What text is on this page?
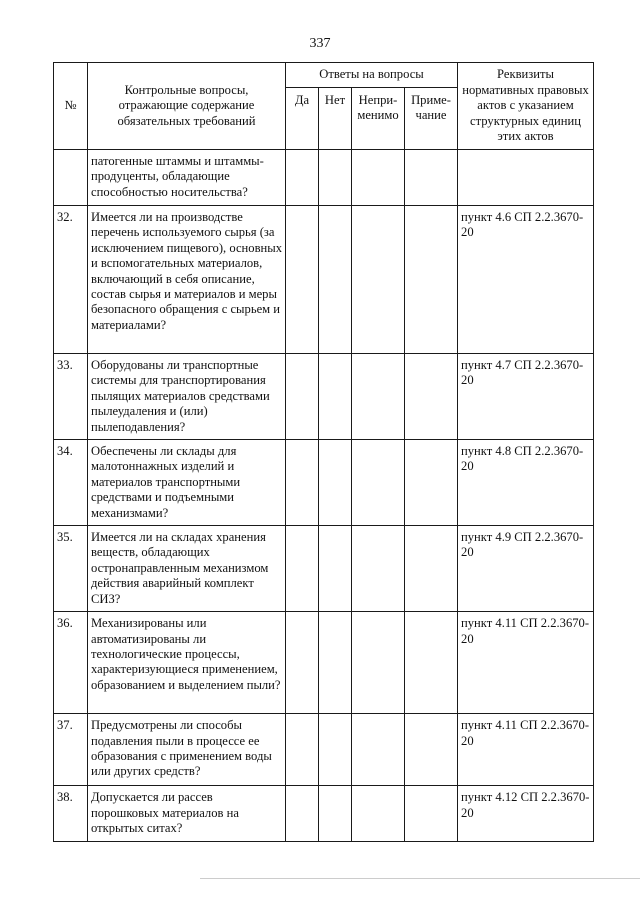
337
№	Контрольные вопросы, отражающие содержание обязательных требований	Ответы на вопросы				Реквизиты нормативных правовых актов с указанием структурных единиц этих актов
		Да	Нет	Непри-менимо	Приме-чание	
	патогенные штаммы и штаммы-продуценты, обладающие способностью носительства?					
32.	Имеется ли на производстве перечень используемого сырья (за исключением пищевого), основных и вспомогательных материалов, включающий в себя описание, состав сырья и материалов и меры безопасного обращения с сырьем и материалами?					пункт 4.6 СП 2.2.3670-20
33.	Оборудованы ли транспортные системы для транспортирования пылящих материалов средствами пылеудаления и (или) пылеподавления?					пункт 4.7 СП 2.2.3670-20
34.	Обеспечены ли склады для малотоннажных изделий и материалов транспортными средствами и подъемными механизмами?					пункт 4.8 СП 2.2.3670-20
35.	Имеется ли на складах хранения веществ, обладающих остронаправленным механизмом действия аварийный комплект СИЗ?					пункт 4.9 СП 2.2.3670-20
36.	Механизированы или автоматизированы ли технологические процессы, характеризующиеся применением, образованием и выделением пыли?					пункт 4.11 СП 2.2.3670-20
37.	Предусмотрены ли способы подавления пыли в процессе ее образования с применением воды или других средств?					пункт 4.11 СП 2.2.3670-20
38.	Допускается ли рассев порошковых материалов на открытых ситах?					пункт 4.12 СП 2.2.3670-20
